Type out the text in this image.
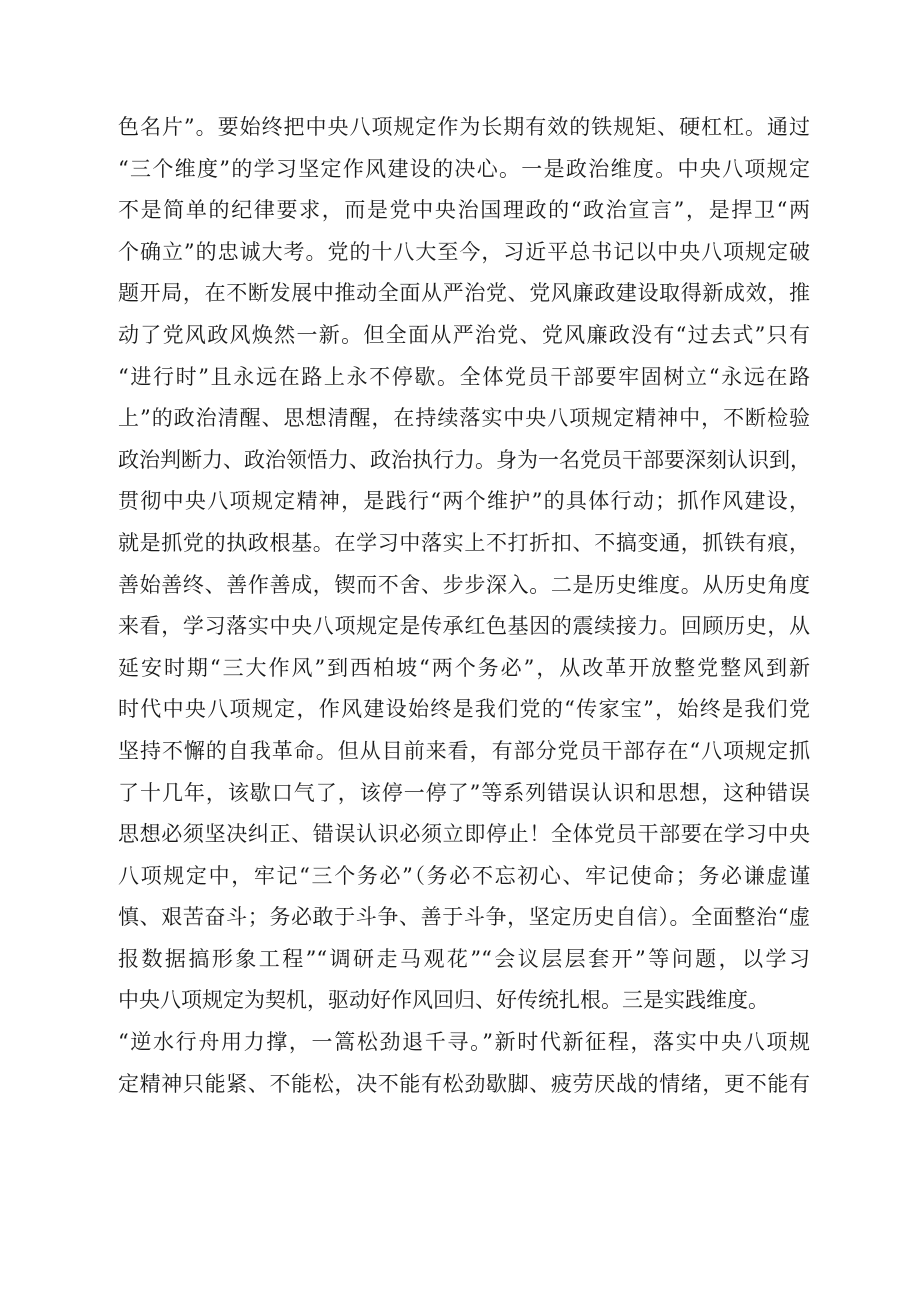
色名片”。要始终把中央八项规定作为长期有效的铁规矩、硬杠杠。通过
“三个维度”的学习坚定作风建设的决心。一是政治维度。中央八项规定
不是简单的纪律要求，而是党中央治国理政的“政治宣言”，是捍卫“两
个确立”的忠诚大考。党的十八大至今，习近平总书记以中央八项规定破
题开局，在不断发展中推动全面从严治党、党风廉政建设取得新成效，推
动了党风政风焕然一新。但全面从严治党、党风廉政没有“过去式”只有
“进行时”且永远在路上永不停歇。全体党员干部要牢固树立“永远在路
上”的政治清醒、思想清醒，在持续落实中央八项规定精神中，不断检验
政治判断力、政治领悟力、政治执行力。身为一名党员干部要深刻认识到，
贯彻中央八项规定精神，是践行“两个维护”的具体行动；抓作风建设，
就是抓党的执政根基。在学习中落实上不打折扣、不搞变通，抓铁有痕，
善始善终、善作善成，锲而不舍、步步深入。二是历史维度。从历史角度
来看，学习落实中央八项规定是传承红色基因的震续接力。回顾历史，从
延安时期“三大作风”到西柏坡“两个务必”，从改革开放整党整风到新
时代中央八项规定，作风建设始终是我们党的“传家宝”，始终是我们党
坚持不懈的自我革命。但从目前来看，有部分党员干部存在“八项规定抓
了十几年，该歇口气了，该停一停了”等系列错误认识和思想，这种错误
思想必须坚决纠正、错误认识必须立即停止！全体党员干部要在学习中央
八项规定中，牢记“三个务必”（务必不忘初心、牢记使命；务必谦虚谨
慎、艰苦奋斗；务必敢于斗争、善于斗争，坚定历史自信）。全面整治“虚
报数据搞形象工程”“调研走马观花”“会议层层套开”等问题，以学习
中央八项规定为契机，驱动好作风回归、好传统扎根。三是实践维度。
“逆水行舟用力撑，一篙松劲退千寻。”新时代新征程，落实中央八项规
定精神只能紧、不能松，决不能有松劲歇脚、疲劳厌战的情绪，更不能有
